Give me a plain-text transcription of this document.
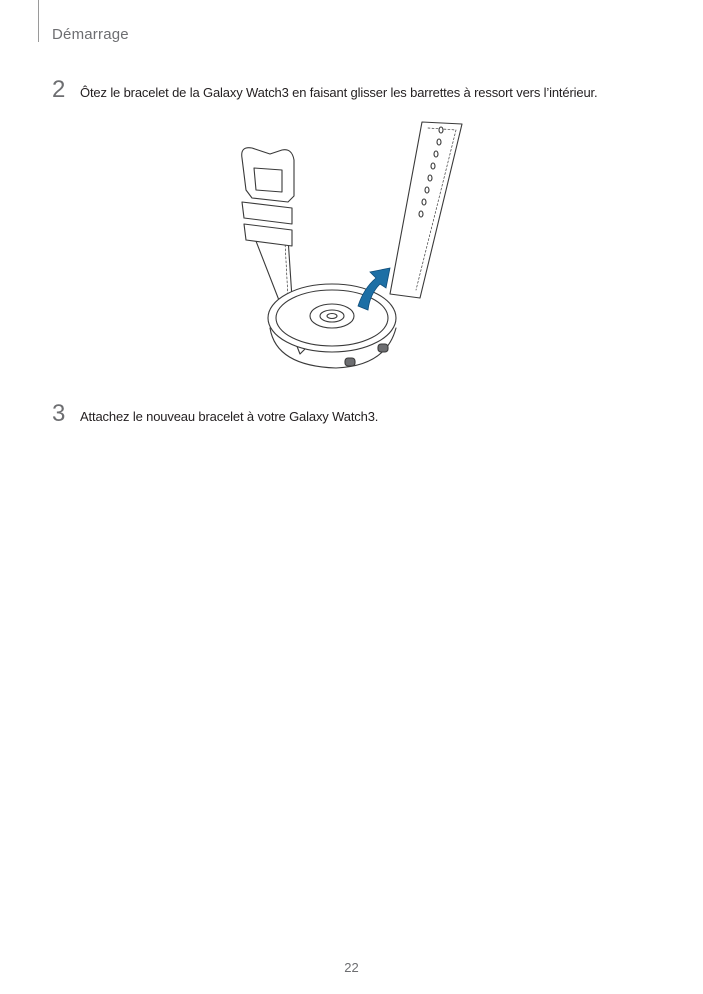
Démarrage
2	Ôtez le bracelet de la Galaxy Watch3 en faisant glisser les barrettes à ressort vers l’intérieur.
3	Attachez le nouveau bracelet à votre Galaxy Watch3.
22
